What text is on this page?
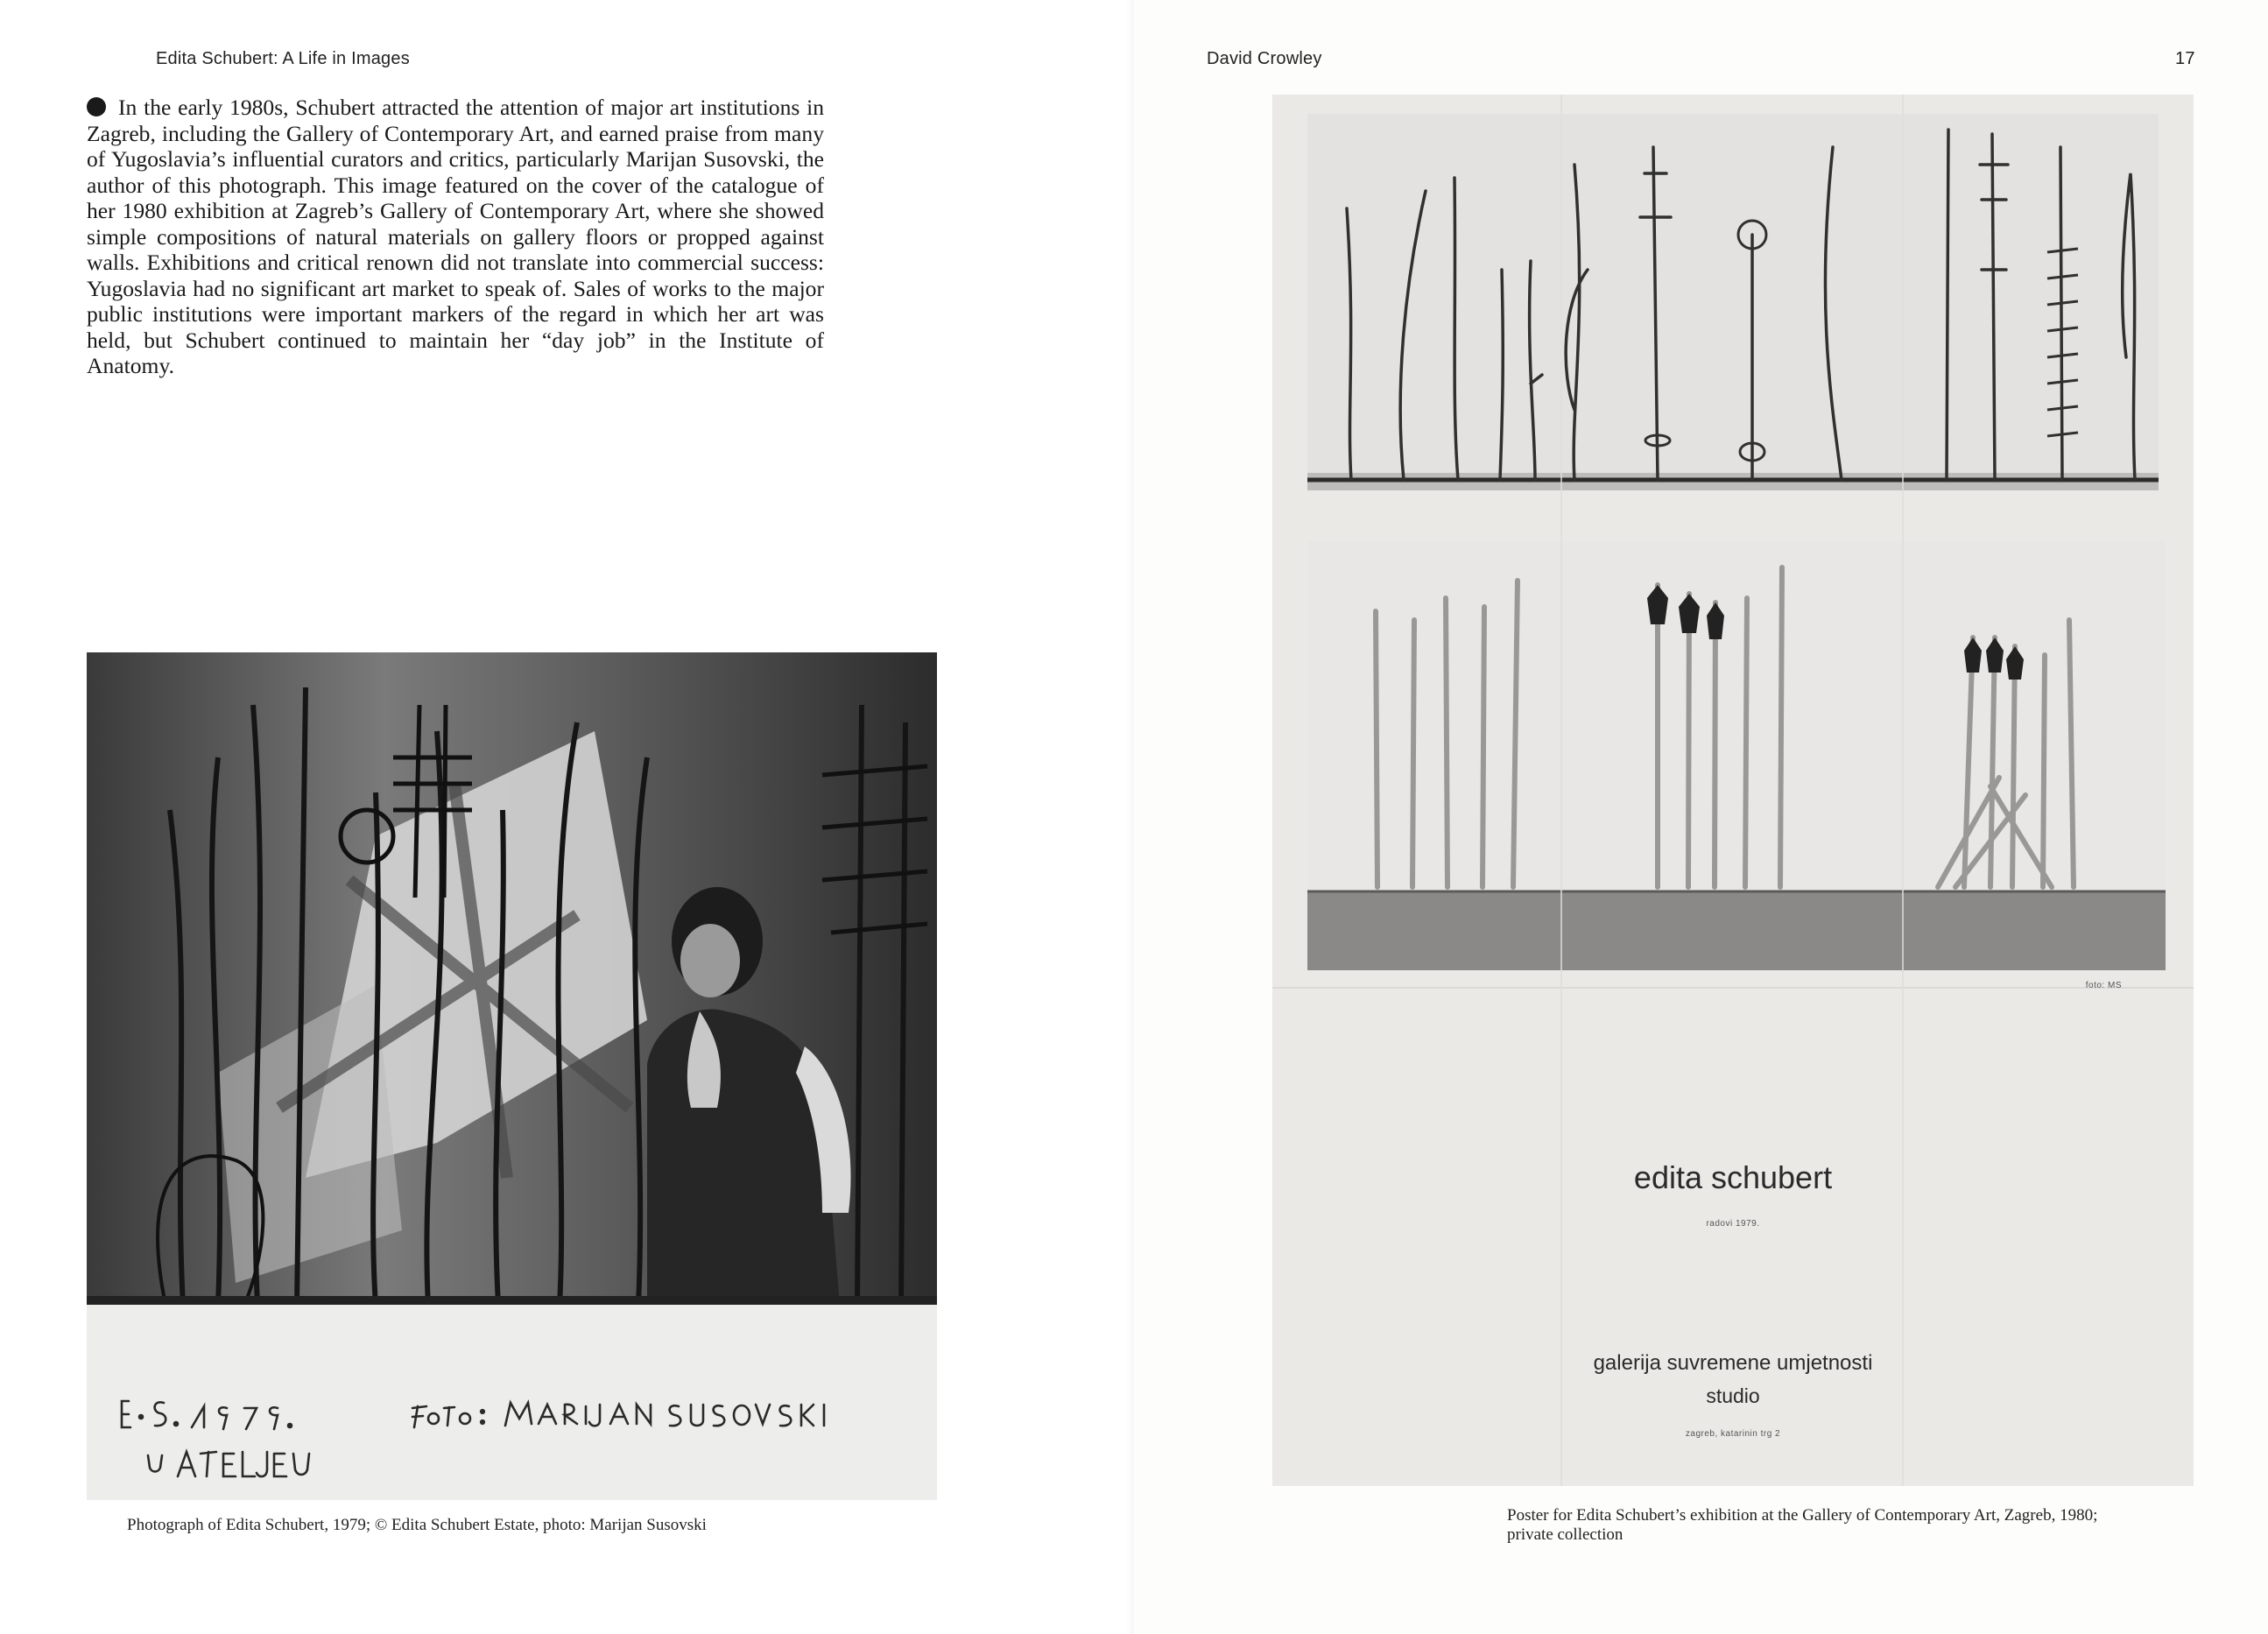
Edita Schubert: A Life in Images
In the early 1980s, Schubert attracted the attention of major art institutions in Zagreb, including the Gallery of Contemporary Art, and earned praise from many of Yugoslavia’s influential curators and critics, particularly Marijan Susovski, the author of this photograph. This image featured on the cover of the catalogue of her 1980 exhibition at Zagreb’s Gallery of Contemporary Art, where she showed simple compositions of natural materials on gallery floors or propped against walls. Exhibitions and critical renown did not translate into commercial success: Yugoslavia had no significant art market to speak of. Sales of works to the major public institutions were important markers of the regard in which her art was held, but Schubert continued to maintain her “day job” in the Institute of Anatomy.
Photograph of Edita Schubert, 1979; © Edita Schubert Estate, photo: Marijan Susovski
David Crowley	17
foto: MS
edita schubert
radovi 1979.
galerija suvremene umjetnosti
studio
zagreb, katarinin trg 2
Poster for Edita Schubert’s exhibition at the Gallery of Contemporary Art, Zagreb, 1980; private collection
